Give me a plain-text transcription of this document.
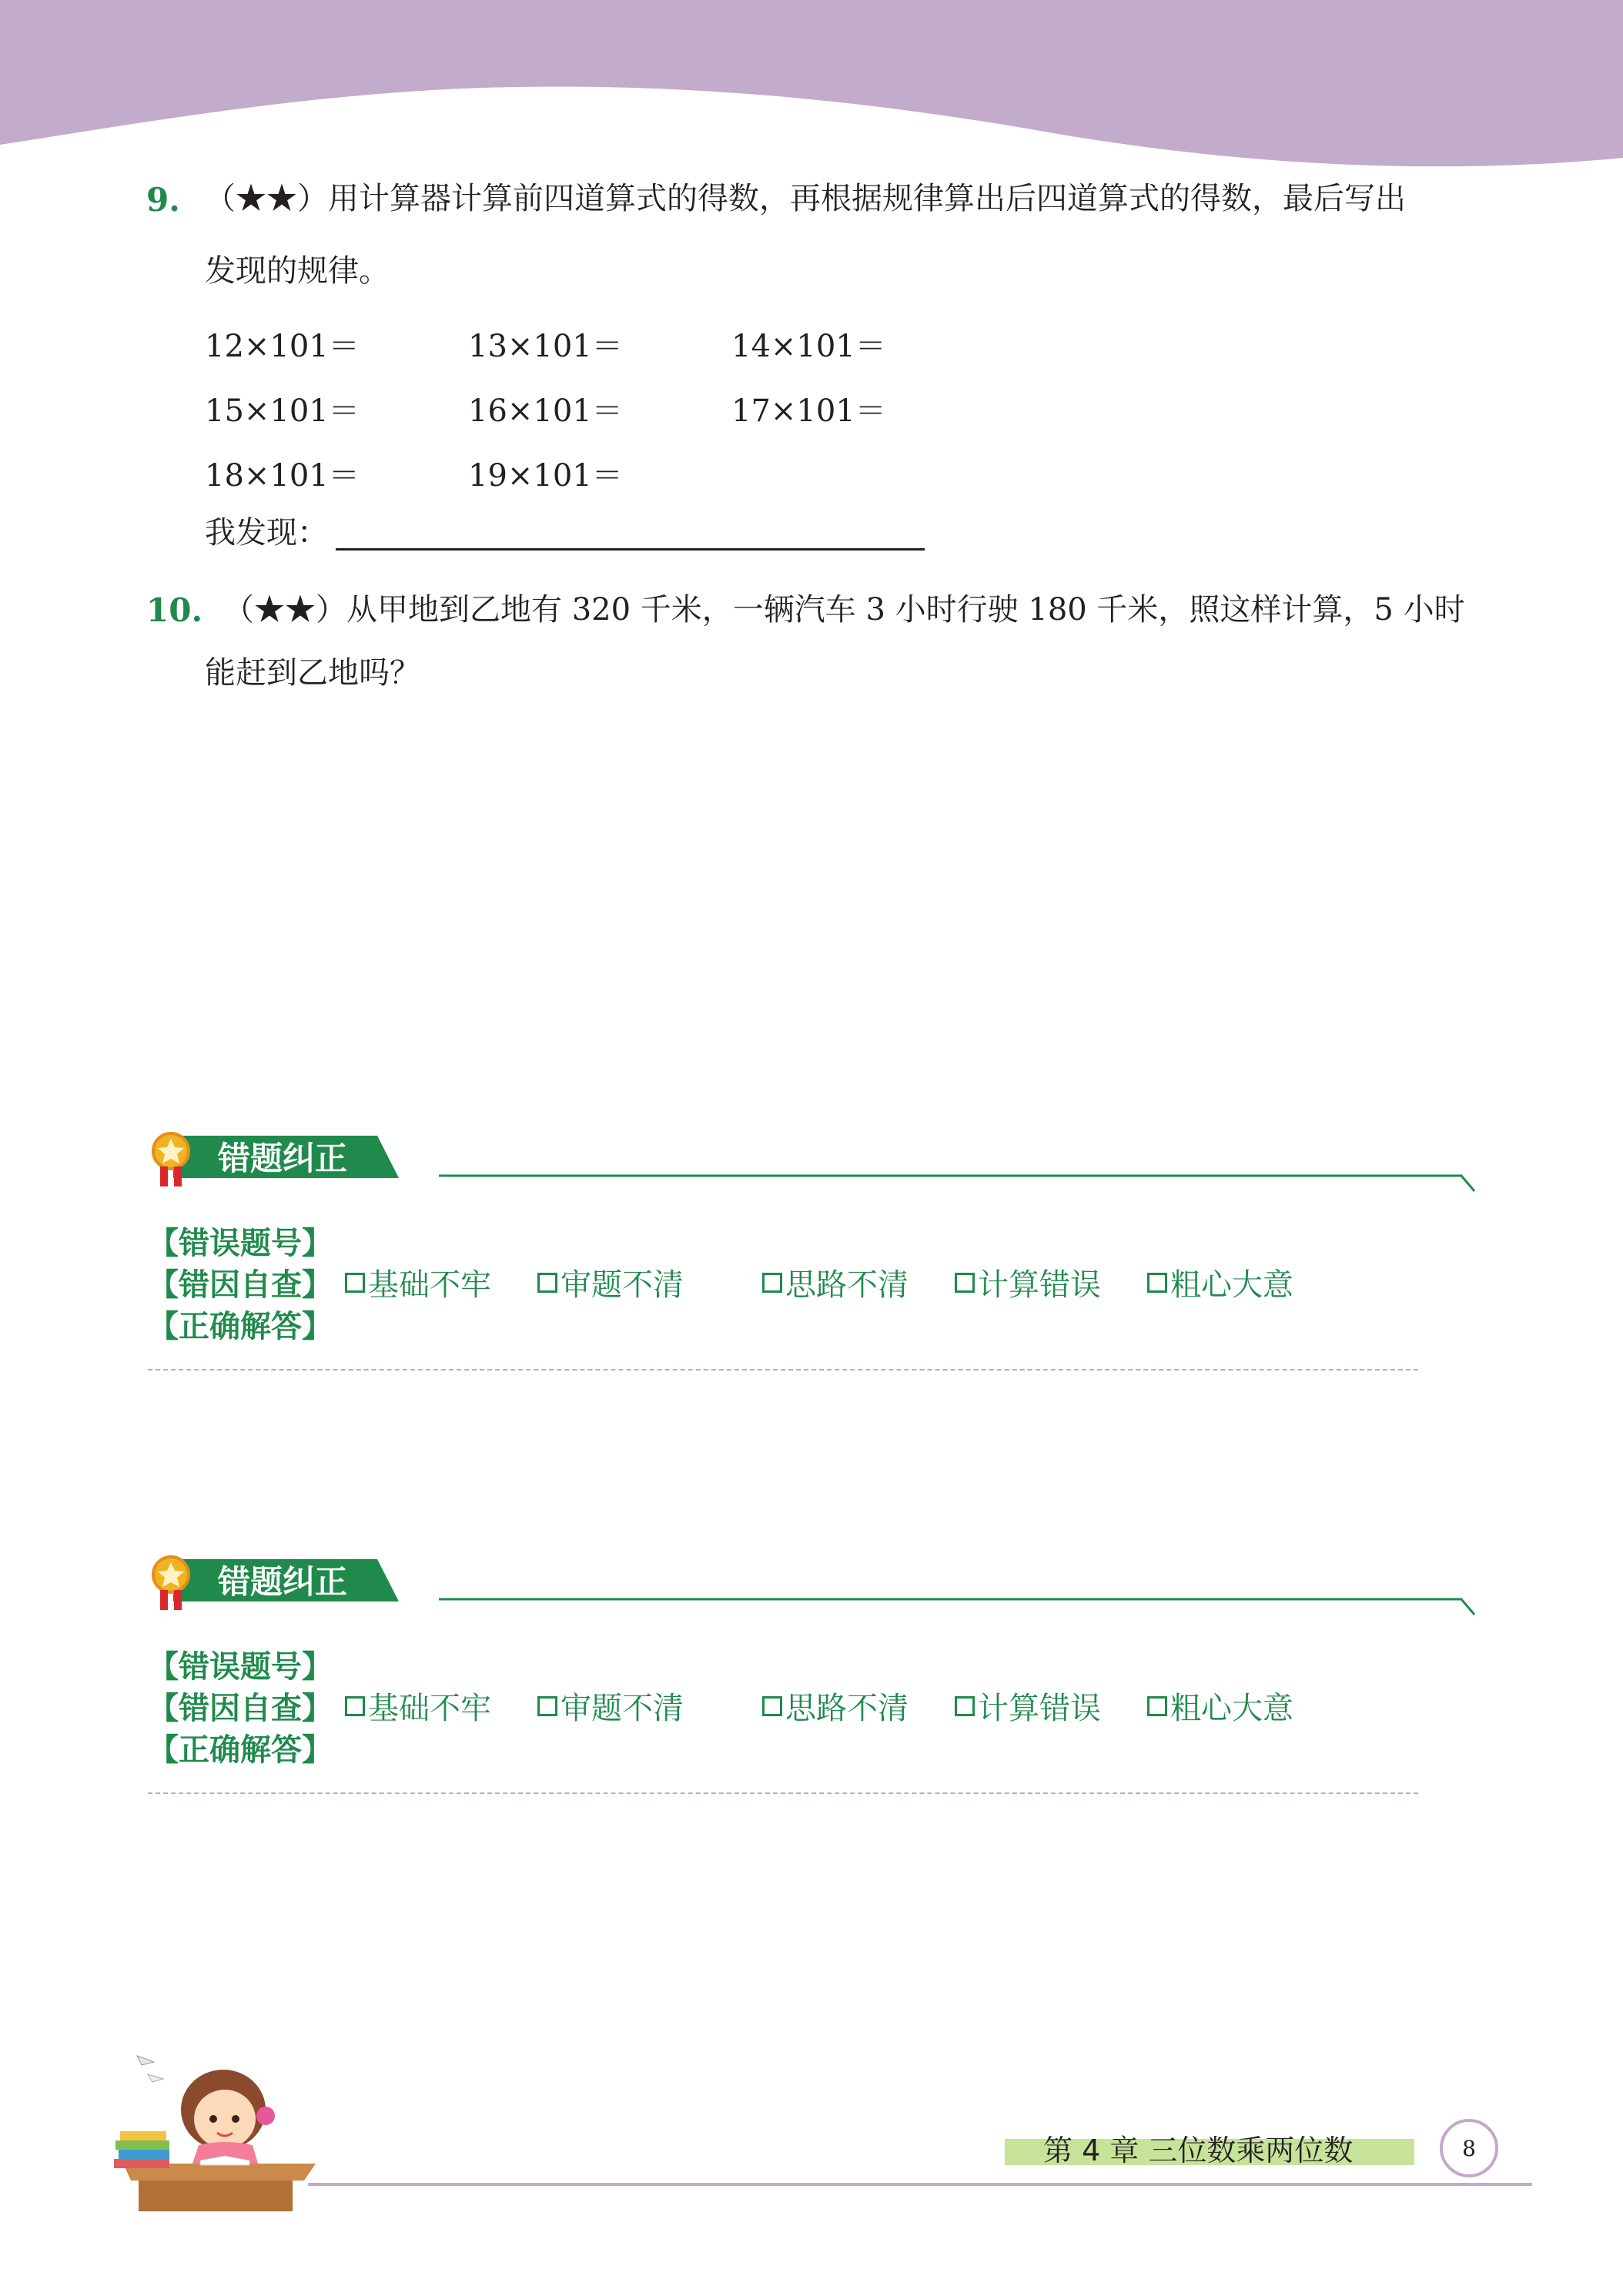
9. （★★）用计算器计算前四道算式的得数，再根据规律算出后四道算式的得数，最后写出
发现的规律。
12×101＝	13×101＝	14×101＝
15×101＝	16×101＝	17×101＝
18×101＝	19×101＝
我发现：
10. （★★）从甲地到乙地有 320 千米，一辆汽车 3 小时行驶 180 千米，照这样计算，5 小时
能赶到乙地吗？
错题纠正
【错误题号】
【错因自查】 基础不牢 审题不清	思路不清 计算错误 粗心大意
【正确解答】
错题纠正
【错误题号】
【错因自查】 基础不牢 审题不清	思路不清 计算错误 粗心大意
【正确解答】
第 4 章 三位数乘两位数	8
